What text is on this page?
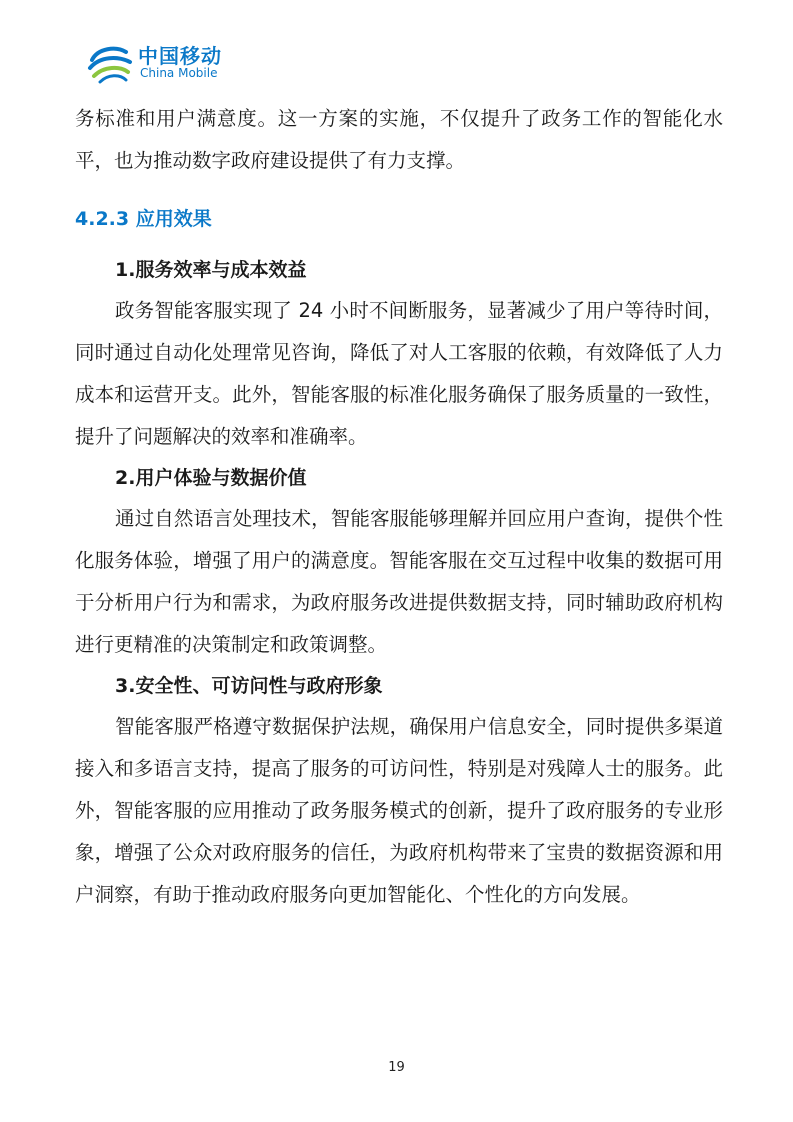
中国移动
China Mobile

务标准和用户满意度。这一方案的实施，不仅提升了政务工作的智能化水平，也为推动数字政府建设提供了有力支撑。

4.2.3 应用效果

1.服务效率与成本效益

政务智能客服实现了 24 小时不间断服务，显著减少了用户等待时间，同时通过自动化处理常见咨询，降低了对人工客服的依赖，有效降低了人力成本和运营开支。此外，智能客服的标准化服务确保了服务质量的一致性，提升了问题解决的效率和准确率。

2.用户体验与数据价值

通过自然语言处理技术，智能客服能够理解并回应用户查询，提供个性化服务体验，增强了用户的满意度。智能客服在交互过程中收集的数据可用于分析用户行为和需求，为政府服务改进提供数据支持，同时辅助政府机构进行更精准的决策制定和政策调整。

3.安全性、可访问性与政府形象

智能客服严格遵守数据保护法规，确保用户信息安全，同时提供多渠道接入和多语言支持，提高了服务的可访问性，特别是对残障人士的服务。此外，智能客服的应用推动了政务服务模式的创新，提升了政府服务的专业形象，增强了公众对政府服务的信任，为政府机构带来了宝贵的数据资源和用户洞察，有助于推动政府服务向更加智能化、个性化的方向发展。

19
